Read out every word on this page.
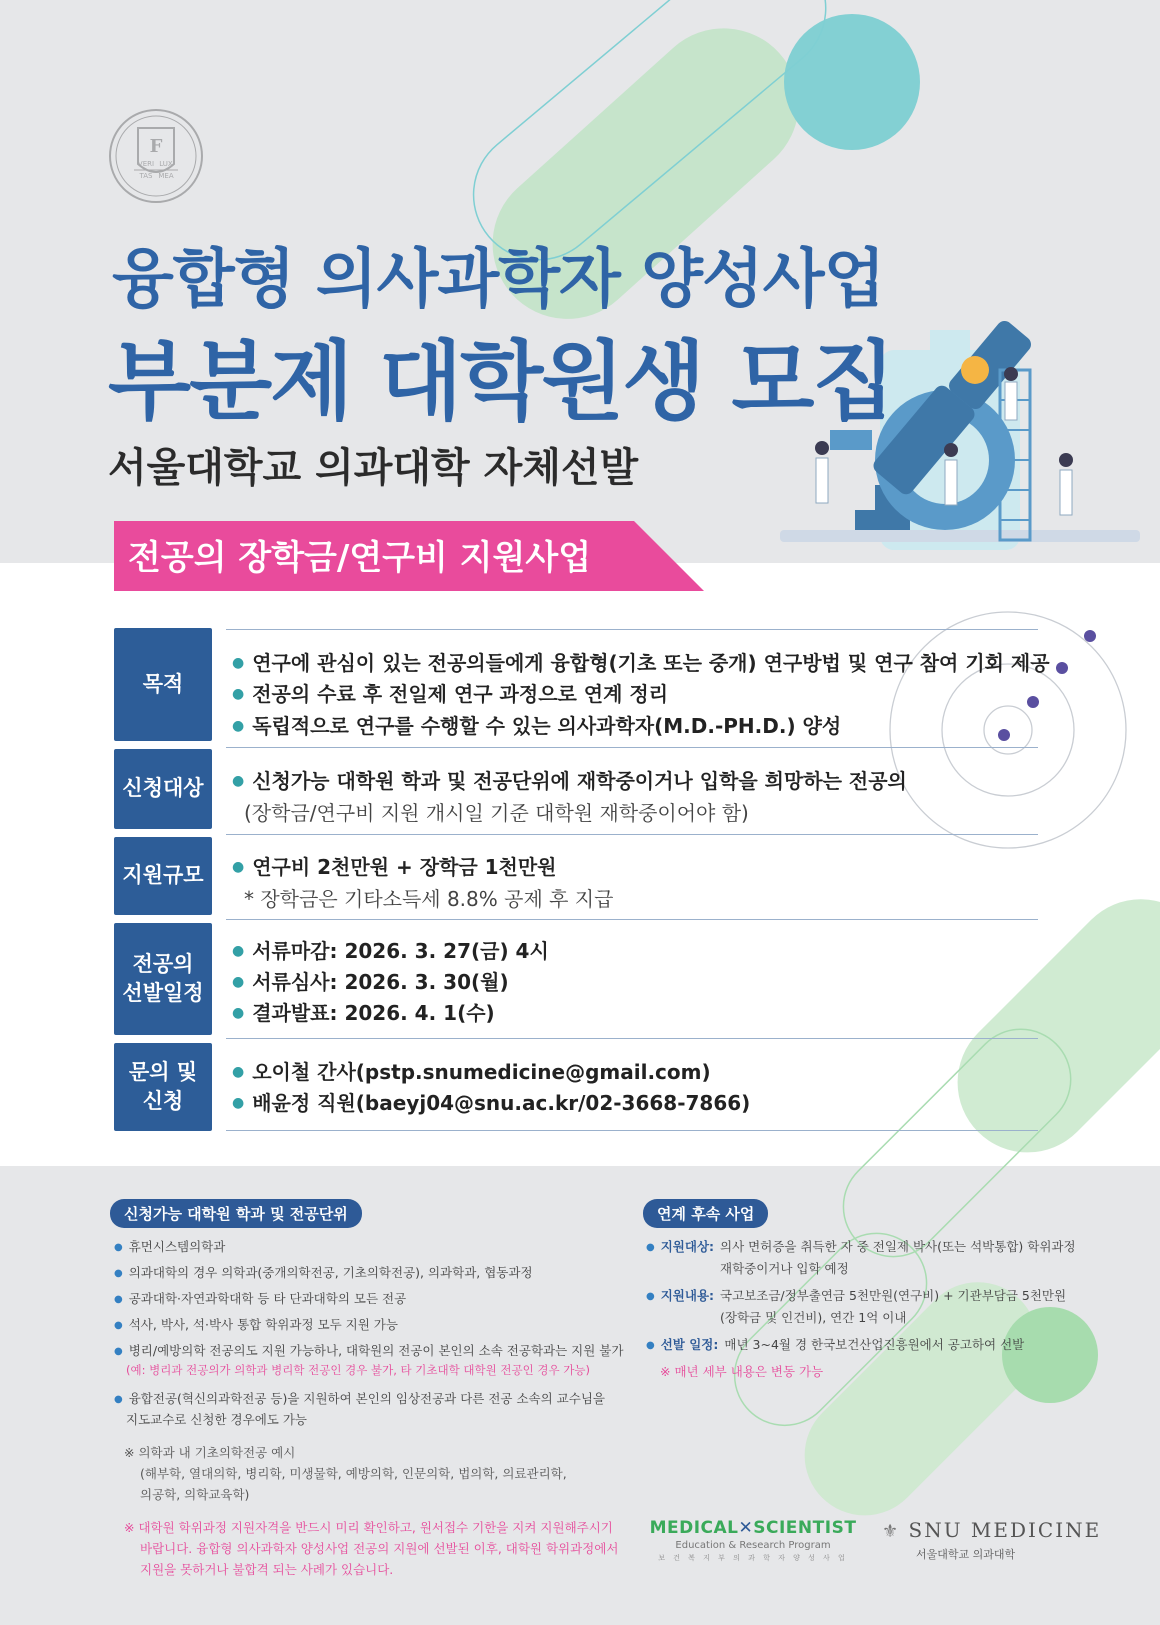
F
VERI LUX
TAS MEA
융합형 의사과학자 양성사업
부분제 대학원생 모집
서울대학교 의과대학 자체선발
전공의 장학금/연구비 지원사업
목적
신청대상
지원규모
전공의
선발일정
문의 및
신청
● 연구에 관심이 있는 전공의들에게 융합형(기초 또는 중개) 연구방법 및 연구 참여 기회 제공
● 전공의 수료 후 전일제 연구 과정으로 연계 정리
● 독립적으로 연구를 수행할 수 있는 의사과학자(M.D.-PH.D.) 양성
● 신청가능 대학원 학과 및 전공단위에 재학중이거나 입학을 희망하는 전공의
(장학금/연구비 지원 개시일 기준 대학원 재학중이어야 함)
● 연구비 2천만원 + 장학금 1천만원
* 장학금은 기타소득세 8.8% 공제 후 지급
● 서류마감: 2026. 3. 27(금) 4시
● 서류심사: 2026. 3. 30(월)
● 결과발표: 2026. 4. 1(수)
● 오이철 간사(pstp.snumedicine@gmail.com)
● 배윤정 직원(baeyj04@snu.ac.kr/02-3668-7866)
신청가능 대학원 학과 및 전공단위
● 휴먼시스템의학과
● 의과대학의 경우 의학과(중개의학전공, 기초의학전공), 의과학과, 협동과정
● 공과대학·자연과학대학 등 타 단과대학의 모든 전공
● 석사, 박사, 석·박사 통합 학위과정 모두 지원 가능
● 병리/예방의학 전공의도 지원 가능하나, 대학원의 전공이 본인의 소속 전공학과는 지원 불가
(예: 병리과 전공의가 의학과 병리학 전공인 경우 불가, 타 기초대학 대학원 전공인 경우 가능)
● 융합전공(혁신의과학전공 등)을 지원하여 본인의 임상전공과 다른 전공 소속의 교수님을
지도교수로 신청한 경우에도 가능
※ 의학과 내 기초의학전공 예시
(해부학, 열대의학, 병리학, 미생물학, 예방의학, 인문의학, 법의학, 의료관리학,
의공학, 의학교육학)
※ 대학원 학위과정 지원자격을 반드시 미리 확인하고, 원서접수 기한을 지켜 지원해주시기
바랍니다. 융합형 의사과학자 양성사업 전공의 지원에 선발된 이후, 대학원 학위과정에서
지원을 못하거나 불합격 되는 사례가 있습니다.
연계 후속 사업
● 지원대상: 의사 면허증을 취득한 자 중 전일제 박사(또는 석박통합) 학위과정
재학중이거나 입학 예정
● 지원내용: 국고보조금/정부출연금 5천만원(연구비) + 기관부담금 5천만원
(장학금 및 인건비), 연간 1억 이내
● 선발 일정: 매년 3~4월 경 한국보건산업진흥원에서 공고하여 선발
※ 매년 세부 내용은 변동 가능
MEDICAL✕SCIENTIST
Education & Research Program
보 건 복 지 부 의 과 학 자 양 성 사 업
⚜ SNU MEDICINE
서울대학교 의과대학
